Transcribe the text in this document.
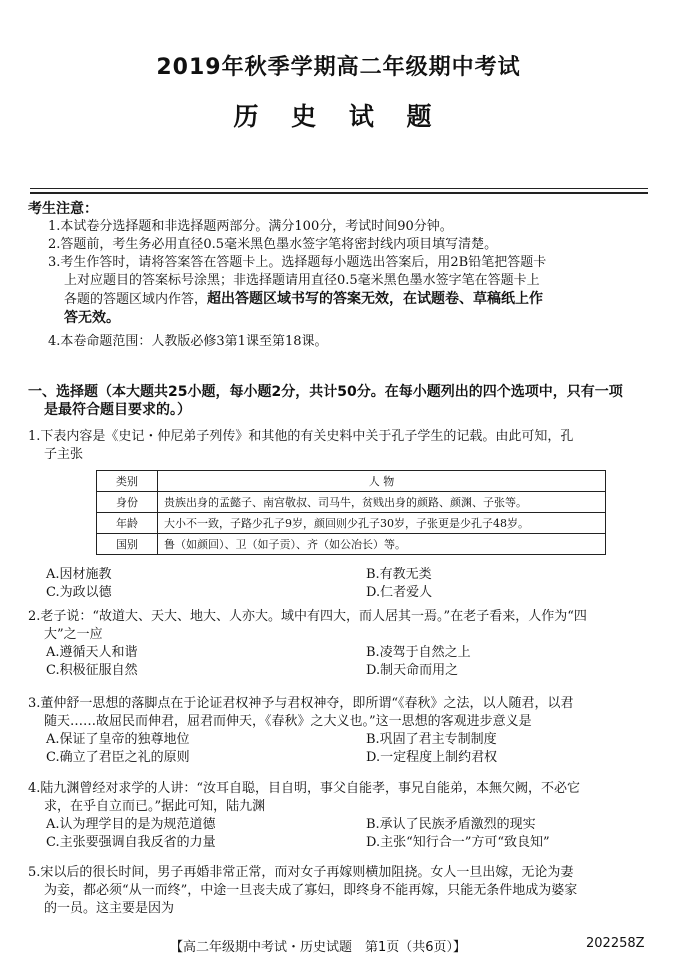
2019年秋季学期高二年级期中考试
历 史 试 题
考生注意：
1.本试卷分选择题和非选择题两部分。满分100分，考试时间90分钟。
2.答题前，考生务必用直径0.5毫米黑色墨水签字笔将密封线内项目填写清楚。
3.考生作答时，请将答案答在答题卡上。选择题每小题选出答案后，用2B铅笔把答题卡
上对应题目的答案标号涂黑；非选择题请用直径0.5毫米黑色墨水签字笔在答题卡上
各题的答题区域内作答，超出答题区域书写的答案无效，在试题卷、草稿纸上作
答无效。
4.本卷命题范围：人教版必修3第1课至第18课。
一、选择题（本大题共25小题，每小题2分，共计50分。在每小题列出的四个选项中，只有一项
是最符合题目要求的。）
1.下表内容是《史记・仲尼弟子列传》和其他的有关史料中关于孔子学生的记载。由此可知，孔
子主张
类别	人 物
身份	贵族出身的孟懿子、南宫敬叔、司马牛，贫贱出身的颜路、颜渊、子张等。
年龄	大小不一致，子路少孔子9岁，颜回则少孔子30岁，子张更是少孔子48岁。
国别	鲁（如颜回）、卫（如子贡）、齐（如公冶长）等。
A.因材施教	B.有教无类
C.为政以德	D.仁者爱人
2.老子说：“故道大、天大、地大、人亦大。域中有四大，而人居其一焉。”在老子看来，人作为“四
大”之一应
A.遵循天人和谐	B.凌驾于自然之上
C.积极征服自然	D.制天命而用之
3.董仲舒一思想的落脚点在于论证君权神予与君权神夺，即所谓“《春秋》之法，以人随君，以君
随天……故屈民而伸君，屈君而伸天，《春秋》之大义也。”这一思想的客观进步意义是
A.保证了皇帝的独尊地位	B.巩固了君主专制制度
C.确立了君臣之礼的原则	D.一定程度上制约君权
4.陆九渊曾经对求学的人讲：“汝耳自聪，目自明，事父自能孝，事兄自能弟，本無欠阙，不必它
求，在乎自立而已。”据此可知，陆九渊
A.认为理学目的是为规范道德	B.承认了民族矛盾激烈的现实
C.主张要强调自我反省的力量	D.主张“知行合一”方可“致良知”
5.宋以后的很长时间，男子再婚非常正常，而对女子再嫁则横加阻挠。女人一旦出嫁，无论为妻
为妾，都必须“从一而终”，中途一旦丧夫成了寡妇，即终身不能再嫁，只能无条件地成为婆家
的一员。这主要是因为
【高二年级期中考试・历史试题　第1页（共6页）】	202258Z
